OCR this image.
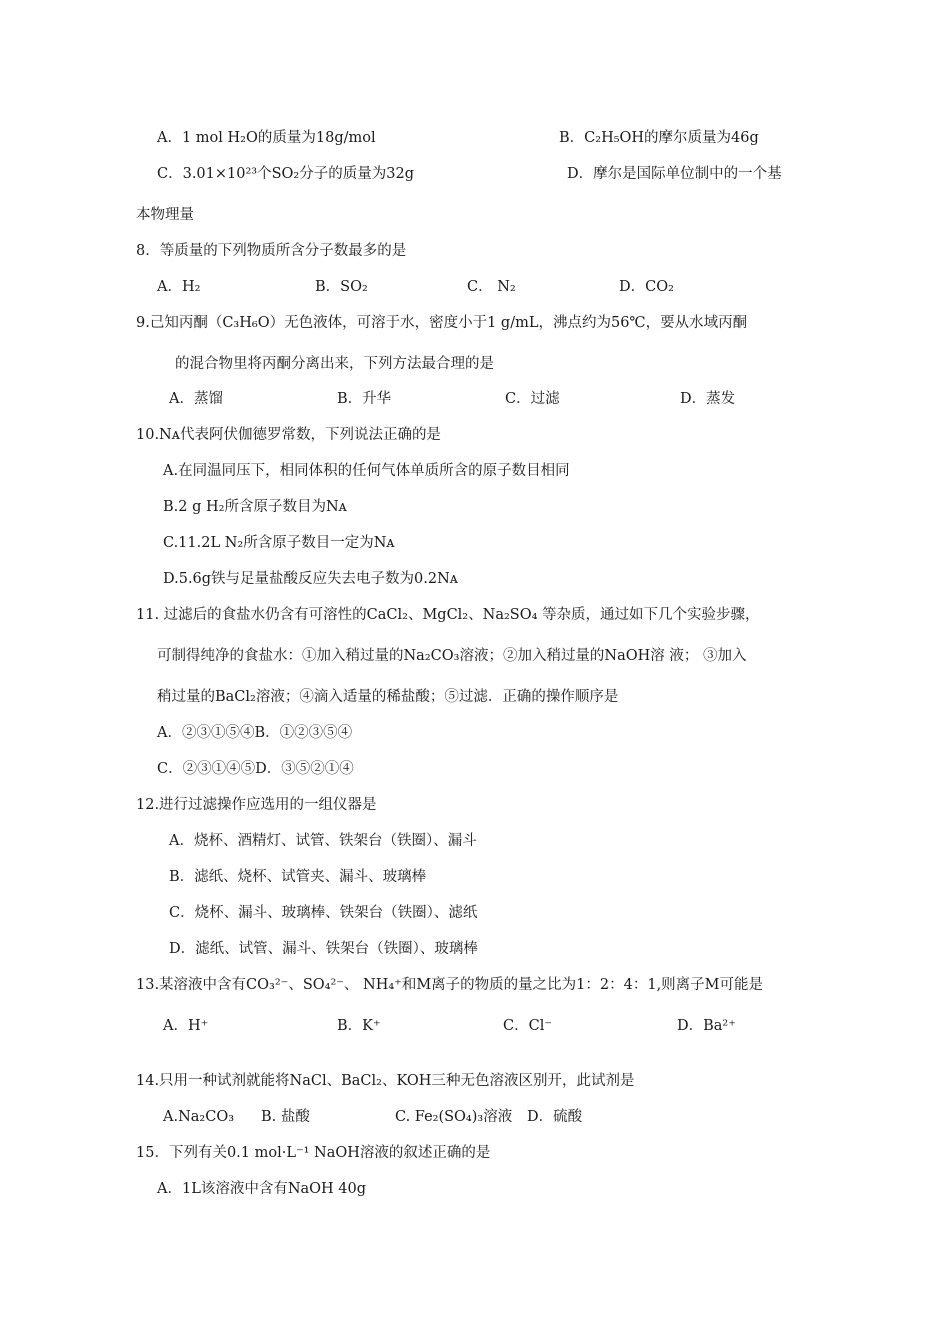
A．1 mol H₂O的质量为18g/mol	B．C₂H₅OH的摩尔质量为46g
C．3.01×10²³个SO₂分子的质量为32g	D．摩尔是国际单位制中的一个基
本物理量
8．等质量的下列物质所含分子数最多的是
A．H₂	B．SO₂	C． N₂	D．CO₂
9.己知丙酮（C₃H₆O）无色液体，可溶于水，密度小于1 g/mL，沸点约为56℃，要从水域丙酮
的混合物里将丙酮分离出来，下列方法最合理的是
A．蒸馏	B．升华	C．过滤	D．蒸发
10.Nᴀ代表阿伏伽德罗常数，下列说法正确的是
A.在同温同压下，相同体积的任何气体单质所含的原子数目相同
B.2 g H₂所含原子数目为Nᴀ
C.11.2L N₂所含原子数目一定为Nᴀ
D.5.6g铁与足量盐酸反应失去电子数为0.2Nᴀ
11. 过滤后的食盐水仍含有可溶性的CaCl₂、MgCl₂、Na₂SO₄ 等杂质，通过如下几个实验步骤，
可制得纯净的食盐水：①加入稍过量的Na₂CO₃溶液；②加入稍过量的NaOH溶 液； ③加入
稍过量的BaCl₂溶液；④滴入适量的稀盐酸；⑤过滤．正确的操作顺序是
A．②③①⑤④B．①②③⑤④
C．②③①④⑤D．③⑤②①④
12.进行过滤操作应选用的一组仪器是
A．烧杯、酒精灯、试管、铁架台（铁圈）、漏斗
B．滤纸、烧杯、试管夹、漏斗、玻璃棒
C．烧杯、漏斗、玻璃棒、铁架台（铁圈）、滤纸
D．滤纸、试管、漏斗、铁架台（铁圈）、玻璃棒
13.某溶液中含有CO₃²⁻、SO₄²⁻、 NH₄⁺和M离子的物质的量之比为1：2：4：1,则离子M可能是
A．H⁺	B．K⁺	C．Cl⁻	D．Ba²⁺
14.只用一种试剂就能将NaCl、BaCl₂、KOH三种无色溶液区别开，此试剂是
A.Na₂CO₃ B. 盐酸	C. Fe₂(SO₄)₃溶液 D．硫酸
15．下列有关0.1 mol·L⁻¹ NaOH溶液的叙述正确的是
A．1L该溶液中含有NaOH 40g
